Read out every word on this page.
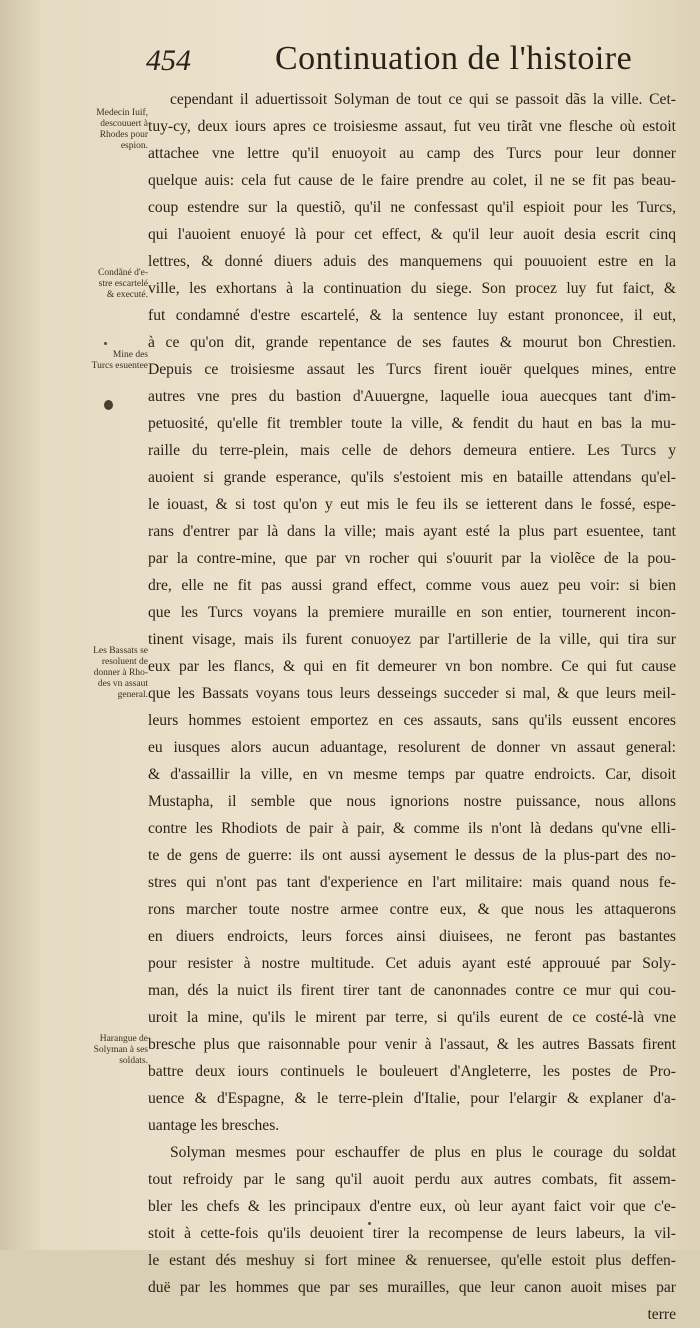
454 Continuation de l'histoire
Medecin Iuif,
descouuert à
Rhodes pour
espion.
Condãné d'e-
stre escartelé
& executé.
Mine des
Turcs esuentee
Les Bassats se
resoluent de
donner à Rho-
des vn assaut
general.
Harangue de
Solyman à ses
soldats.
cependant il aduertissoit Solyman de tout ce qui se passoit dãs la ville. Cet-
tuy-cy, deux iours apres ce troisiesme assaut, fut veu tirãt vne flesche où estoit
attachee vne lettre qu'il enuoyoit au camp des Turcs pour leur donner
quelque auis: cela fut cause de le faire prendre au colet, il ne se fit pas beau-
coup estendre sur la questiõ, qu'il ne confessast qu'il espioit pour les Turcs,
qui l'auoient enuoyé là pour cet effect, & qu'il leur auoit desia escrit cinq
lettres, & donné diuers aduis des manquemens qui pouuoient estre en la
ville, les exhortans à la continuation du siege. Son procez luy fut faict, &
fut condamné d'estre escartelé, & la sentence luy estant prononcee, il eut,
à ce qu'on dit, grande repentance de ses fautes & mourut bon Chrestien.
Depuis ce troisiesme assaut les Turcs firent iouër quelques mines, entre
autres vne pres du bastion d'Auuergne, laquelle ioua auecques tant d'im-
petuosité, qu'elle fit trembler toute la ville, & fendit du haut en bas la mu-
raille du terre-plein, mais celle de dehors demeura entiere. Les Turcs y
auoient si grande esperance, qu'ils s'estoient mis en bataille attendans qu'el-
le iouast, & si tost qu'on y eut mis le feu ils se ietterent dans le fossé, espe-
rans d'entrer par là dans la ville; mais ayant esté la plus part esuentee, tant
par la contre-mine, que par vn rocher qui s'ouurit par la violẽce de la pou-
dre, elle ne fit pas aussi grand effect, comme vous auez peu voir: si bien
que les Turcs voyans la premiere muraille en son entier, tournerent incon-
tinent visage, mais ils furent conuoyez par l'artillerie de la ville, qui tira sur
eux par les flancs, & qui en fit demeurer vn bon nombre. Ce qui fut cause
que les Bassats voyans tous leurs desseings succeder si mal, & que leurs meil-
leurs hommes estoient emportez en ces assauts, sans qu'ils eussent encores
eu iusques alors aucun aduantage, resolurent de donner vn assaut general:
& d'assaillir la ville, en vn mesme temps par quatre endroicts. Car, disoit
Mustapha, il semble que nous ignorions nostre puissance, nous allons
contre les Rhodiots de pair à pair, & comme ils n'ont là dedans qu'vne elli-
te de gens de guerre: ils ont aussi aysement le dessus de la plus-part des no-
stres qui n'ont pas tant d'experience en l'art militaire: mais quand nous fe-
rons marcher toute nostre armee contre eux, & que nous les attaquerons
en diuers endroicts, leurs forces ainsi diuisees, ne feront pas bastantes
pour resister à nostre multitude. Cet aduis ayant esté approuué par Soly-
man, dés la nuict ils firent tirer tant de canonnades contre ce mur qui cou-
uroit la mine, qu'ils le mirent par terre, si qu'ils eurent de ce costé-là vne
bresche plus que raisonnable pour venir à l'assaut, & les autres Bassats firent
battre deux iours continuels le bouleuert d'Angleterre, les postes de Pro-
uence & d'Espagne, & le terre-plein d'Italie, pour l'elargir & explaner d'a-
uantage les bresches.
Solyman mesmes pour eschauffer de plus en plus le courage du soldat
tout refroidy par le sang qu'il auoit perdu aux autres combats, fit assem-
bler les chefs & les principaux d'entre eux, où leur ayant faict voir que c'e-
stoit à cette-fois qu'ils deuoient tirer la recompense de leurs labeurs, la vil-
le estant dés meshuy si fort minee & renuersee, qu'elle estoit plus deffen-
duë par les hommes que par ses murailles, que leur canon auoit mises par
terre
